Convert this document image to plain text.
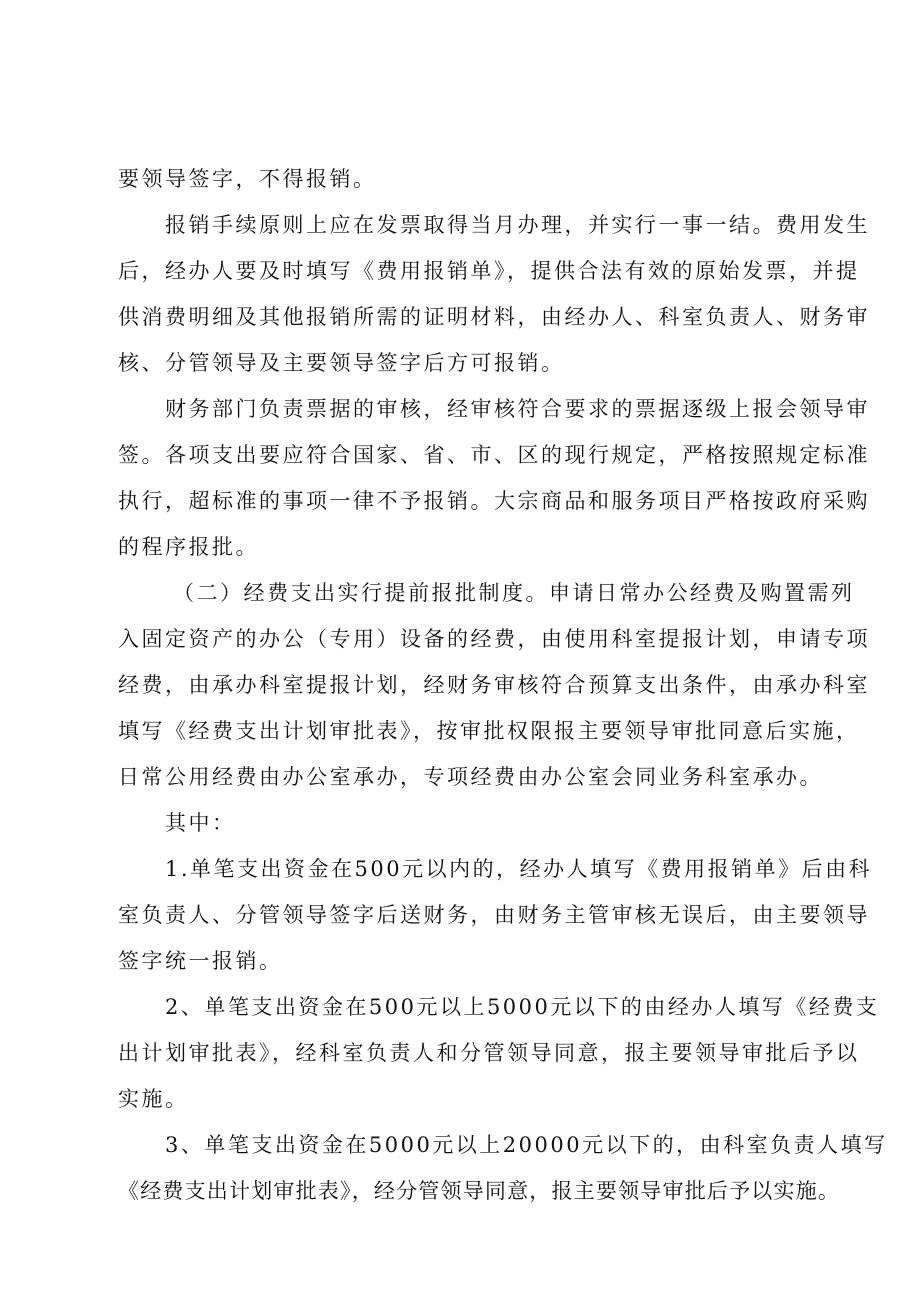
要领导签字，不得报销。
报销手续原则上应在发票取得当月办理，并实行一事一结。费用发生
后，经办人要及时填写《费用报销单》，提供合法有效的原始发票，并提
供消费明细及其他报销所需的证明材料，由经办人、科室负责人、财务审
核、分管领导及主要领导签字后方可报销。
财务部门负责票据的审核，经审核符合要求的票据逐级上报会领导审
签。各项支出要应符合国家、省、市、区的现行规定，严格按照规定标准
执行，超标准的事项一律不予报销。大宗商品和服务项目严格按政府采购
的程序报批。
（二）经费支出实行提前报批制度。申请日常办公经费及购置需列
入固定资产的办公（专用）设备的经费，由使用科室提报计划，申请专项
经费，由承办科室提报计划，经财务审核符合预算支出条件，由承办科室
填写《经费支出计划审批表》，按审批权限报主要领导审批同意后实施，
日常公用经费由办公室承办，专项经费由办公室会同业务科室承办。
其中：
1.单笔支出资金在500元以内的，经办人填写《费用报销单》后由科
室负责人、分管领导签字后送财务，由财务主管审核无误后，由主要领导
签字统一报销。
2、单笔支出资金在500元以上5000元以下的由经办人填写《经费支
出计划审批表》，经科室负责人和分管领导同意，报主要领导审批后予以
实施。
3、单笔支出资金在5000元以上20000元以下的，由科室负责人填写
《经费支出计划审批表》，经分管领导同意，报主要领导审批后予以实施。
